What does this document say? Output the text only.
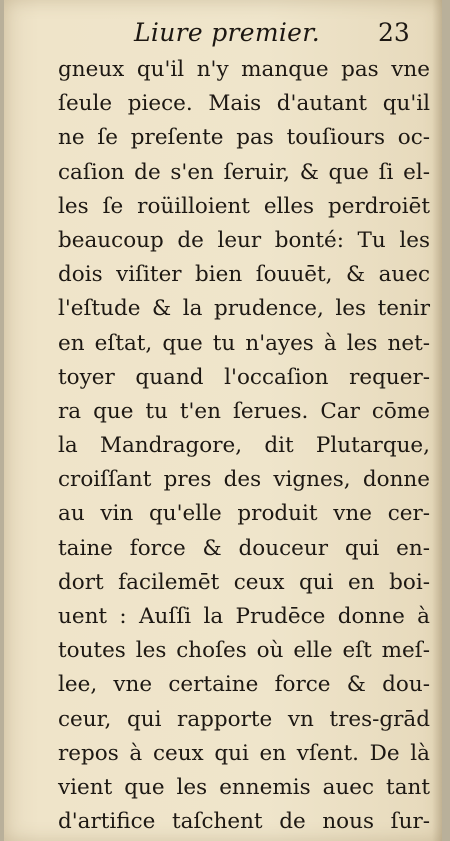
Liure premier. 23
gneux qu'il n'y manque pas vne
ſeule piece. Mais d'autant qu'il
ne ſe preſente pas touſiours oc-
caſion de s'en ſeruir, & que ſi el-
les ſe roüilloient elles perdroiēt
beaucoup de leur bonté: Tu les
dois viſiter bien ſouuēt, & auec
l'eſtude & la prudence, les tenir
en eſtat, que tu n'ayes à les net-
toyer quand l'occaſion requer-
ra que tu t'en ſerues. Car cōme
la Mandragore, dit Plutarque,
croiſſant pres des vignes, donne
au vin qu'elle produit vne cer-
taine force & douceur qui en-
dort facilemēt ceux qui en boi-
uent : Auſſi la Prudēce donne à
toutes les choſes où elle eſt meſ-
lee, vne certaine force & dou-
ceur, qui rapporte vn tres-grād
repos à ceux qui en vſent. De là
vient que les ennemis auec tant
d'artifice taſchent de nous ſur-
